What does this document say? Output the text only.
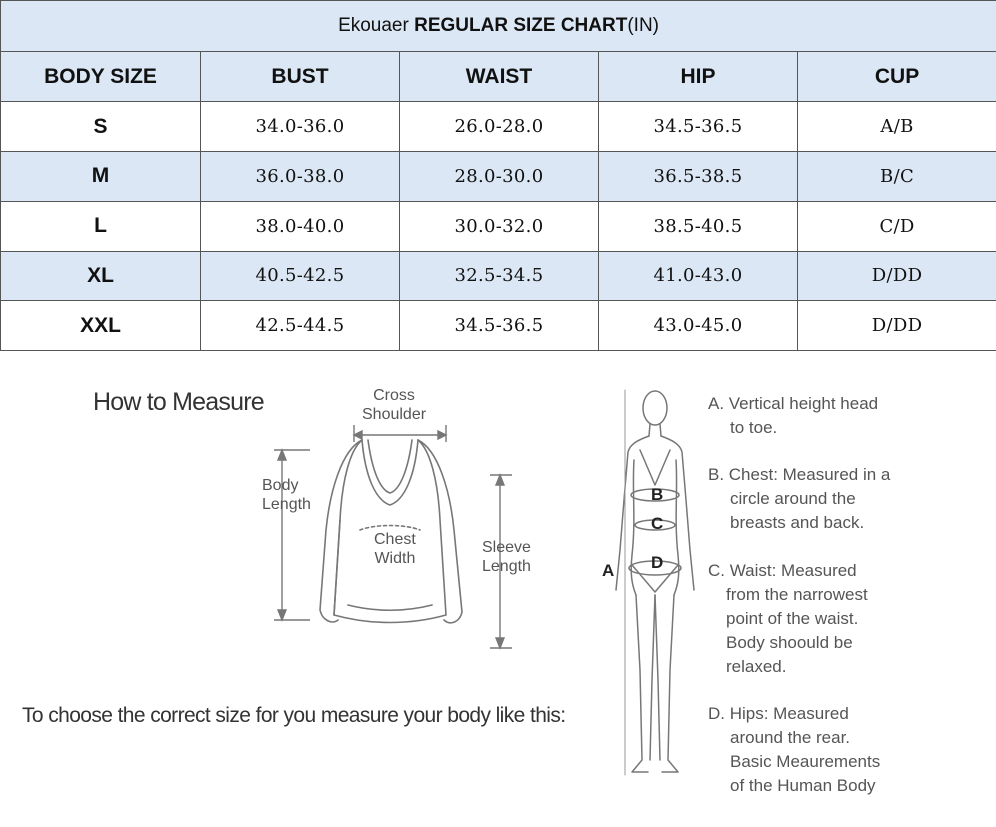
Ekouaer REGULAR SIZE CHART(IN)				
BODY SIZE	BUST	WAIST	HIP	CUP
S	34.0-36.0	26.0-28.0	34.5-36.5	A/B
M	36.0-38.0	28.0-30.0	36.5-38.5	B/C
L	38.0-40.0	30.0-32.0	38.5-40.5	C/D
XL	40.5-42.5	32.5-34.5	41.0-43.0	D/DD
XXL	42.5-44.5	34.5-36.5	43.0-45.0	D/DD
How to Measure	Cross
Shoulder
Body
Length
Chest
Width
Sleeve
Length
To choose the correct size for you measure your body like this:
A
B
C
D
A. Vertical height head
to toe.
B. Chest: Measured in a
circle around the
breasts and back.
C. Waist: Measured
from the narrowest
point of the waist.
Body shoould be
relaxed.
D. Hips: Measured
around the rear.
Basic Meaurements
of the Human Body
